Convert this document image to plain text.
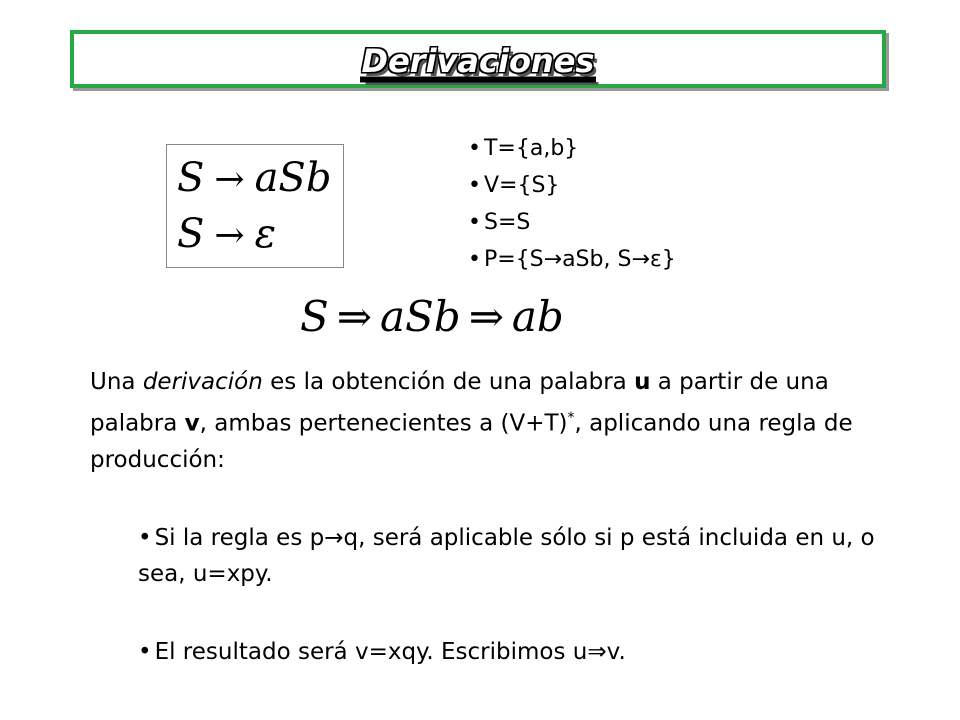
Derivaciones
S → aSb
S → ε
• T={a,b}
• V={S}
• S=S
• P={S→aSb, S→ε}
S ⇒ aSb ⇒ ab
Una derivación es la obtención de una palabra u a partir de una palabra v, ambas pertenecientes a (V+T)*, aplicando una regla de producción:
• Si la regla es p→q, será aplicable sólo si p está incluida en u, o sea, u=xpy.
• El resultado será v=xqy. Escribimos u⇒v.
